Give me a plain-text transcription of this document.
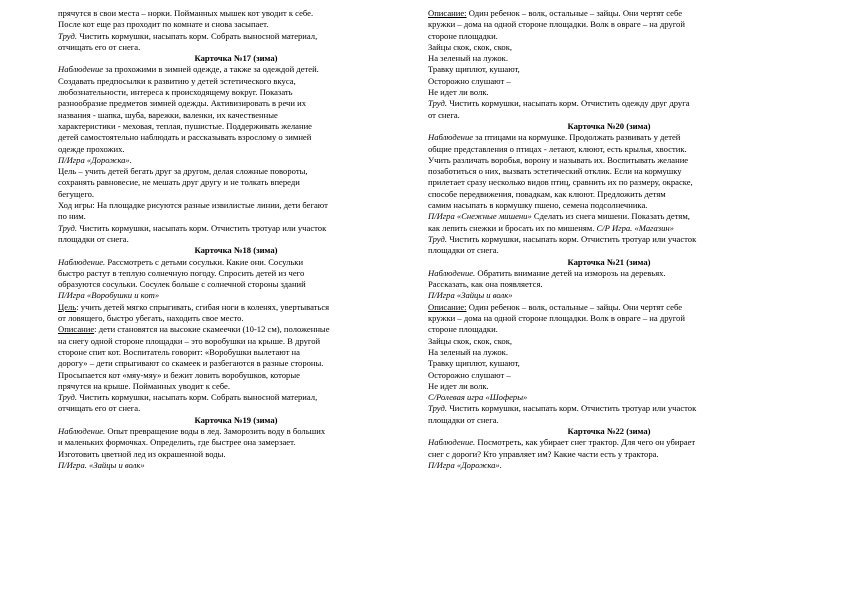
прячутся в свои места – норки. Пойманных мышек кот уводит к себе.
После кот еще раз проходит по комнате и снова засыпает.
Труд. Чистить кормушки, насыпать корм. Собрать выносной материал,
отчищать его от снега.
Карточка №17 (зима)
Наблюдение за прохожими в зимней одежде, а также за одеждой детей.
Создавать предпосылки к развитию у детей эстетического вкуса,
любознательности, интереса к происходящему вокруг. Показать
разнообразие предметов зимней одежды. Активизировать в речи их
названия - шапка, шуба, варежки, валенки, их качественные
характеристики - меховая, теплая, пушистые. Поддерживать желание
детей самостоятельно наблюдать и рассказывать взрослому о зимней
одежде прохожих.
П/Игра «Дорожка».
Цель – учить детей бегать друг за другом, делая сложные повороты,
сохранять равновесие, не мешать друг другу и не толкать впереди
бегущего.
Ход игры: На площадке рисуются разные извилистые линии, дети бегают
по ним.
Труд. Чистить кормушки, насыпать корм. Отчистить тротуар или участок
площадки от снега.
Карточка №18 (зима)
Наблюдение. Рассмотреть с детьми сосульки. Какие они. Сосульки
быстро растут в теплую солнечную погоду. Спросить детей из чего
образуются сосульки. Сосулек больше с солнечной стороны зданий
П/Игра «Воробушки и кот»
Цель: учить детей мягко спрыгивать, сгибая ноги в коленях, увертываться
от ловящего, быстро убегать, находить свое место.
Описание: дети становятся на высокие скамеечки (10-12 см), положенные
на снегу одной стороне площадки – это воробушки на крыше. В другой
стороне спит кот. Воспитатель говорит: «Воробушки вылетают на
дорогу» – дети спрыгивают со скамеек и разбегаются в разные стороны.
Просыпается кот «мяу-мяу» и бежит ловить воробушков, которые
прячутся на крыше. Пойманных уводит к себе.
Труд. Чистить кормушки, насыпать корм. Собрать выносной материал,
отчищать его от снега.
Карточка №19 (зима)
Наблюдение. Опыт превращение воды в лед. Заморозить воду в больших
и маленьких формочках. Определить, где быстрее она замерзает.
Изготовить цветной лед из окрашенной воды.
П/Игра. «Зайцы и волк»
Описание: Один ребенок – волк, остальные – зайцы. Они чертят себе
кружки – дома на одной стороне площадки. Волк в овраге – на другой
стороне площадки.
Зайцы скок, скок, скок,
На зеленый на лужок.
Травку щиплют, кушают,
Осторожно слушают –
Не идет ли волк.
Труд. Чистить кормушки, насыпать корм. Отчистить одежду друг друга
от снега.
Карточка №20 (зима)
Наблюдение за птицами на кормушке. Продолжать развивать у детей
общие представления о птицах - летают, клюют, есть крылья, хвостик.
Учить различать воробья, ворону и называть их. Воспитывать желание
позаботиться о них, вызвать эстетический отклик. Если на кормушку
прилетает сразу несколько видов птиц, сравнить их по размеру, окраске,
способе передвижения, повадкам, как клюют. Предложить детям
самим насыпать в кормушку пшено, семена подсолнечника.
П/Игра «Снежные мишени» Сделать из снега мишени. Показать детям,
как лепить снежки и бросать их по мишеням. С/Р Игра. «Магазин»
Труд. Чистить кормушки, насыпать корм. Отчистить тротуар или участок
площадки от снега.
Карточка №21 (зима)
Наблюдение. Обратить внимание детей на изморозь на деревьях.
Рассказать, как она появляется.
П/Игра «Зайцы и волк»
Описание: Один ребенок – волк, остальные – зайцы. Они чертят себе
кружки – дома на одной стороне площадки. Волк в овраге – на другой
стороне площадки.
Зайцы скок, скок, скок,
На зеленый на лужок.
Травку щиплют, кушают,
Осторожно слушают –
Не идет ли волк.
С/Ролевая игра «Шоферы»
Труд. Чистить кормушки, насыпать корм. Отчистить тротуар или участок
площадки от снега.
Карточка №22 (зима)
Наблюдение. Посмотреть, как убирает снег трактор. Для чего он убирает
снег с дороги? Кто управляет им? Какие части есть у трактора.
П/Игра «Дорожка».
